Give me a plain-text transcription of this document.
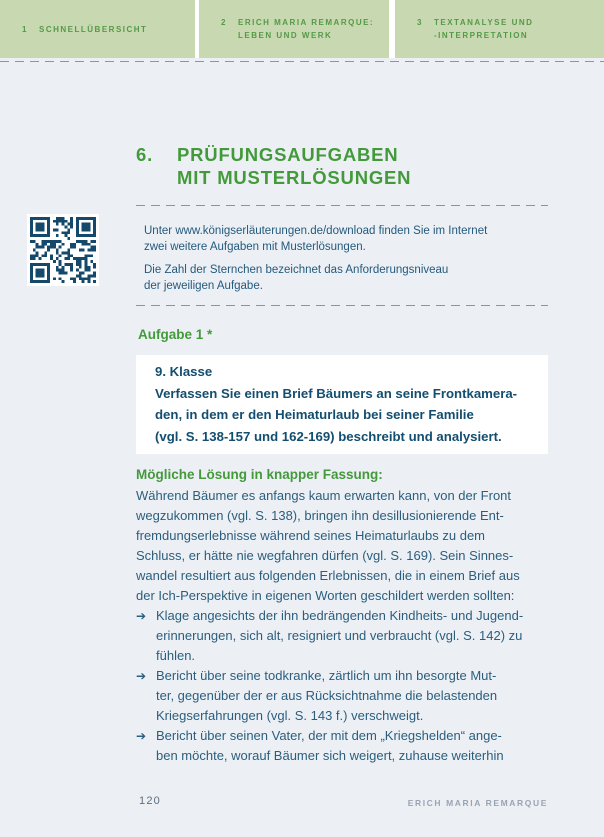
1	SCHNELLÜBERSICHT
2	ERICH MARIA REMARQUE:
LEBEN UND WERK
3	TEXTANALYSE UND
-INTERPRETATION
6.	PRÜFUNGSAUFGABEN
MIT MUSTERLÖSUNGEN

Unter www.königserläuterungen.de/download finden Sie im Internet
zwei weitere Aufgaben mit Musterlösungen.

Die Zahl der Sternchen bezeichnet das Anforderungsniveau
der jeweiligen Aufgabe.

Aufgabe 1 *
9. Klasse
Verfassen Sie einen Brief Bäumers an seine Frontkamera-
den, in dem er den Heimaturlaub bei seiner Familie
(vgl. S. 138-157 und 162-169) beschreibt und analysiert.
Mögliche Lösung in knapper Fassung:
Während Bäumer es anfangs kaum erwarten kann, von der Front
wegzukommen (vgl. S. 138), bringen ihn desillusionierende Ent-
fremdungserlebnisse während seines Heimaturlaubs zu dem
Schluss, er hätte nie wegfahren dürfen (vgl. S. 169). Sein Sinnes-
wandel resultiert aus folgenden Erlebnissen, die in einem Brief aus
der Ich-Perspektive in eigenen Worten geschildert werden sollten:
➔ Klage angesichts der ihn bedrängenden Kindheits- und Jugend-
erinnerungen, sich alt, resigniert und verbraucht (vgl. S. 142) zu
fühlen.
➔ Bericht über seine todkranke, zärtlich um ihn besorgte Mut-
ter, gegenüber der er aus Rücksichtnahme die belastenden
Kriegserfahrungen (vgl. S. 143 f.) verschweigt.
➔ Bericht über seinen Vater, der mit dem „Kriegshelden“ ange-
ben möchte, worauf Bäumer sich weigert, zuhause weiterhin
120	ERICH MARIA REMARQUE
